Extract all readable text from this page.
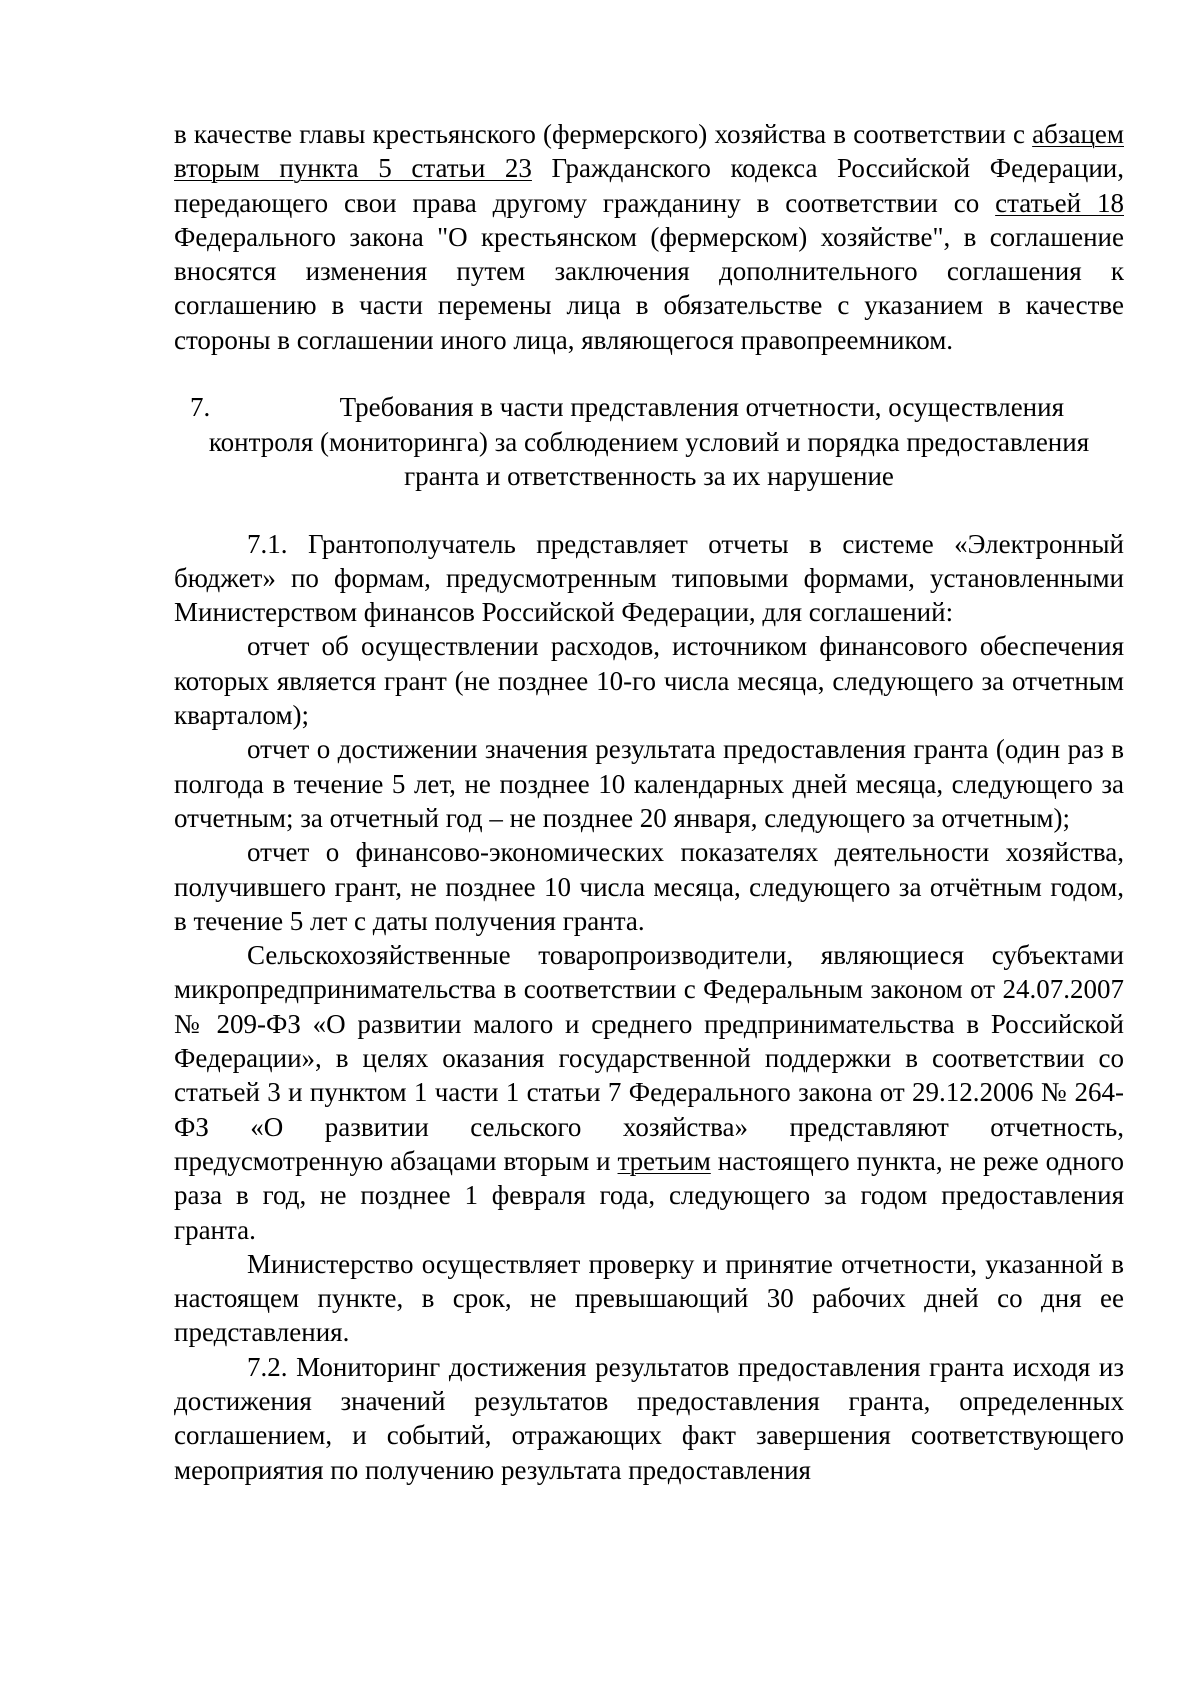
в качестве главы крестьянского (фермерского) хозяйства в соответствии с абзацем вторым пункта 5 статьи 23 Гражданского кодекса Российской Федерации, передающего свои права другому гражданину в соответствии со статьей 18 Федерального закона "О крестьянском (фермерском) хозяйстве", в соглашение вносятся изменения путем заключения дополнительного соглашения к соглашению в части перемены лица в обязательстве с указанием в качестве стороны в соглашении иного лица, являющегося правопреемником.

7.	Требования в части представления отчетности, осуществления
контроля (мониторинга) за соблюдением условий и порядка предоставления
гранта и ответственность за их нарушение

7.1. Грантополучатель представляет отчеты в системе «Электронный бюджет» по формам, предусмотренным типовыми формами, установленными Министерством финансов Российской Федерации, для соглашений:

отчет об осуществлении расходов, источником финансового обеспечения которых является грант (не позднее 10-го числа месяца, следующего за отчетным кварталом);

отчет о достижении значения результата предоставления гранта (один раз в полгода в течение 5 лет, не позднее 10 календарных дней месяца, следующего за отчетным; за отчетный год – не позднее 20 января, следующего за отчетным);

отчет о финансово-экономических показателях деятельности хозяйства, получившего грант, не позднее 10 числа месяца, следующего за отчётным годом, в течение 5 лет с даты получения гранта.

Сельскохозяйственные товаропроизводители, являющиеся субъектами микропредпринимательства в соответствии с Федеральным законом от 24.07.2007 № 209-ФЗ «О развитии малого и среднего предпринимательства в Российской Федерации», в целях оказания государственной поддержки в соответствии со статьей 3 и пунктом 1 части 1 статьи 7 Федерального закона от 29.12.2006 № 264-ФЗ «О развитии сельского хозяйства» представляют отчетность, предусмотренную абзацами вторым и третьим настоящего пункта, не реже одного раза в год, не позднее 1 февраля года, следующего за годом предоставления гранта.

Министерство осуществляет проверку и принятие отчетности, указанной в настоящем пункте, в срок, не превышающий 30 рабочих дней со дня ее представления.

7.2. Мониторинг достижения результатов предоставления гранта исходя из достижения значений результатов предоставления гранта, определенных соглашением, и событий, отражающих факт завершения соответствующего мероприятия по получению результата предоставления
